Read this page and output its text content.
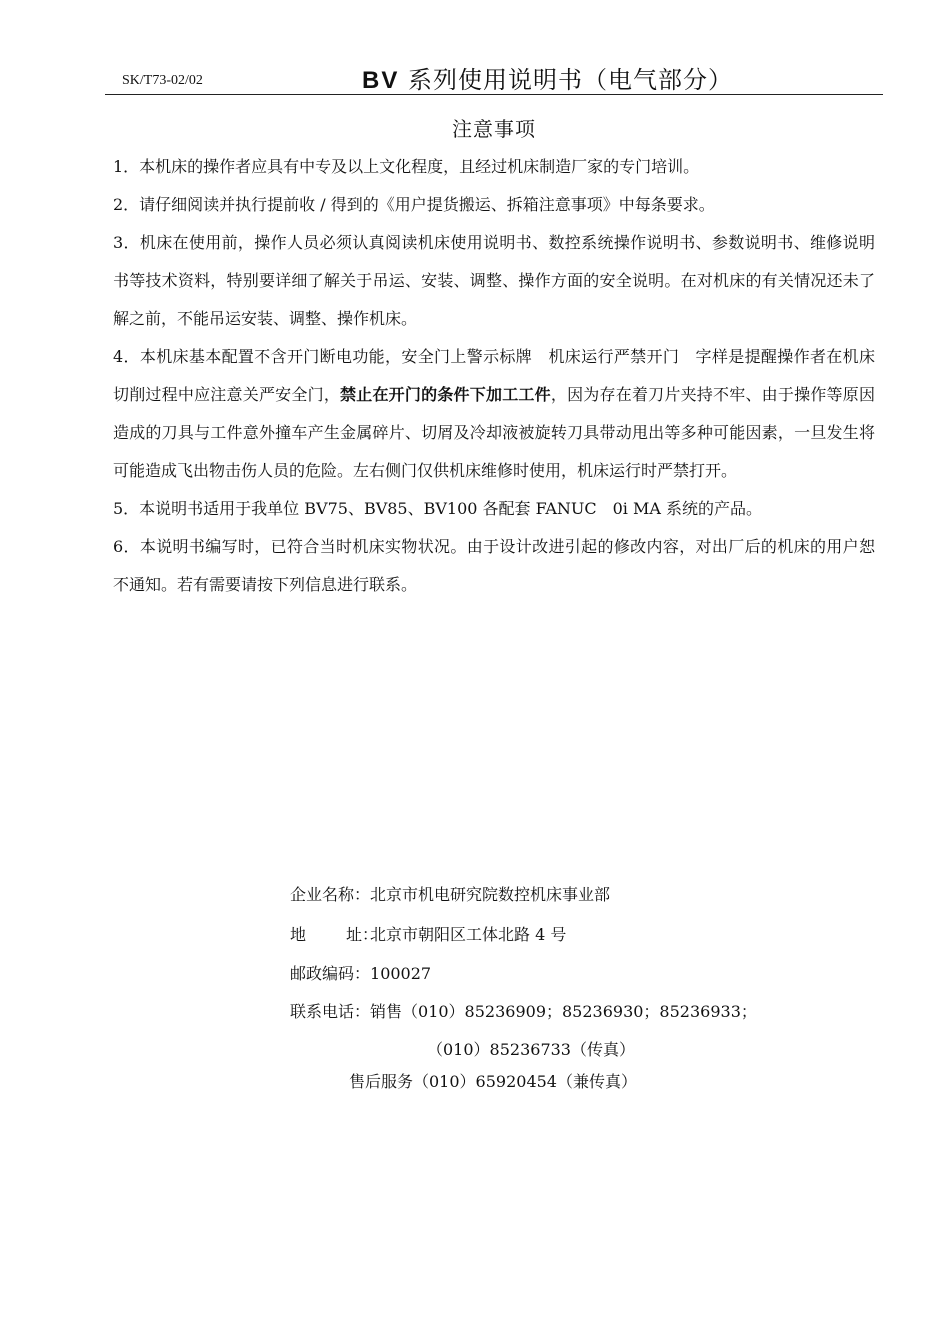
SK/T73-02/02	BV 系列使用说明书（电气部分）
注意事项

1．本机床的操作者应具有中专及以上文化程度，且经过机床制造厂家的专门培训。

2．请仔细阅读并执行提前收 / 得到的《用户提货搬运、拆箱注意事项》中每条要求。

3．机床在使用前，操作人员必须认真阅读机床使用说明书、数控系统操作说明书、参数说明书、维修说明书等技术资料，特别要详细了解关于吊运、安装、调整、操作方面的安全说明。在对机床的有关情况还未了解之前，不能吊运安装、调整、操作机床。

4．本机床基本配置不含开门断电功能，安全门上警示标牌　机床运行严禁开门　字样是提醒操作者在机床切削过程中应注意关严安全门，禁止在开门的条件下加工工件，因为存在着刀片夹持不牢、由于操作等原因造成的刀具与工件意外撞车产生金属碎片、切屑及冷却液被旋转刀具带动甩出等多种可能因素，一旦发生将可能造成飞出物击伤人员的危险。左右侧门仅供机床维修时使用，机床运行时严禁打开。

5．本说明书适用于我单位 BV75、BV85、BV100 各配套 FANUC　0i MA 系统的产品。

6．本说明书编写时，已符合当时机床实物状况。由于设计改进引起的修改内容，对出厂后的机床的用户恕不通知。若有需要请按下列信息进行联系。

企业名称：北京市机电研究院数控机床事业部
地 址：北京市朝阳区工体北路 4 号
邮政编码：100027
联系电话：销售（010）85236909；85236930；85236933；
（010）85236733（传真）
售后服务（010）65920454（兼传真）
